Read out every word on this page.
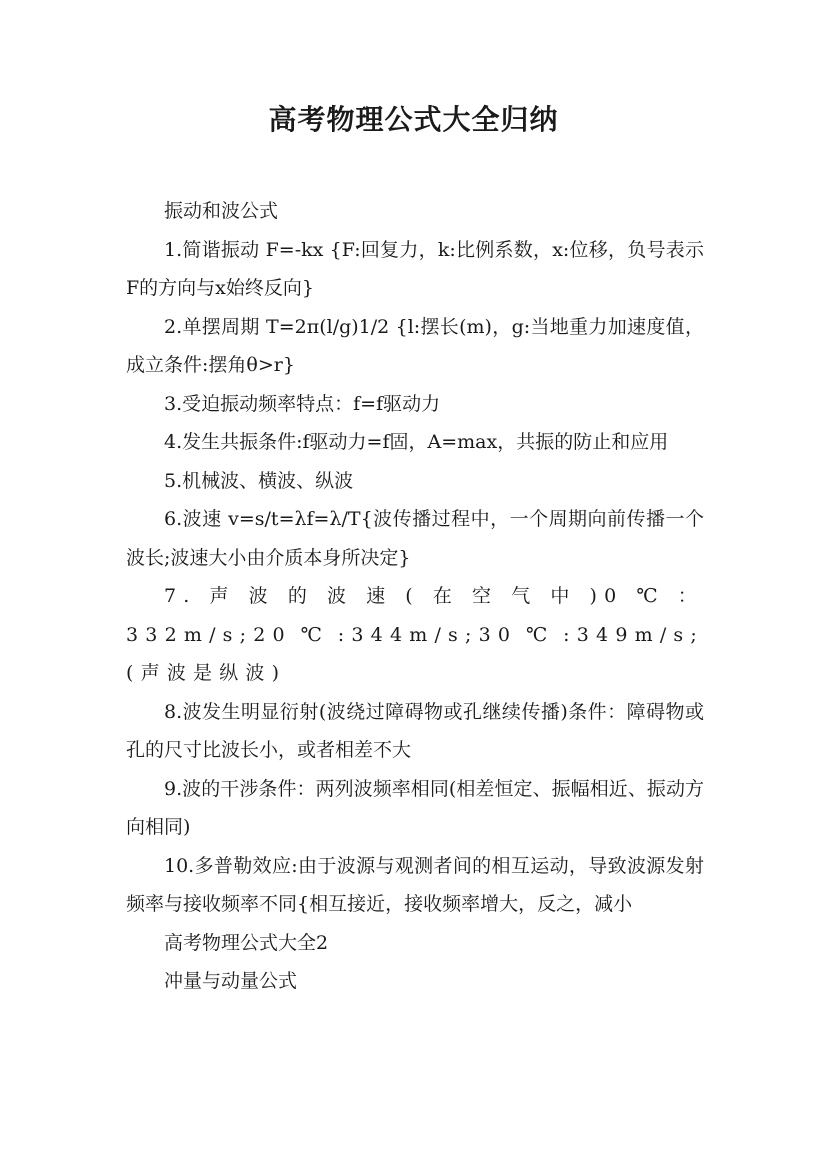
高考物理公式大全归纳

振动和波公式

1.简谐振动 F=-kx {F:回复力，k:比例系数，x:位移，负号表示F的方向与x始终反向}

2.单摆周期 T=2π(l/g)1/2 {l:摆长(m)，g:当地重力加速度值，成立条件:摆角θ>r}

3.受迫振动频率特点：f=f驱动力

4.发生共振条件:f驱动力=f固，A=max，共振的防止和应用

5.机械波、横波、纵波

6.波速 v=s/t=λf=λ/T{波传播过程中，一个周期向前传播一个波长;波速大小由介质本身所决定}

7.声波的波速(在空气中)0℃：332m/s;20℃:344m/s;30℃:349m/s;(声波是纵波)

8.波发生明显衍射(波绕过障碍物或孔继续传播)条件：障碍物或孔的尺寸比波长小，或者相差不大

9.波的干涉条件：两列波频率相同(相差恒定、振幅相近、振动方向相同)

10.多普勒效应:由于波源与观测者间的相互运动，导致波源发射频率与接收频率不同{相互接近，接收频率增大，反之，减小

高考物理公式大全2

冲量与动量公式
